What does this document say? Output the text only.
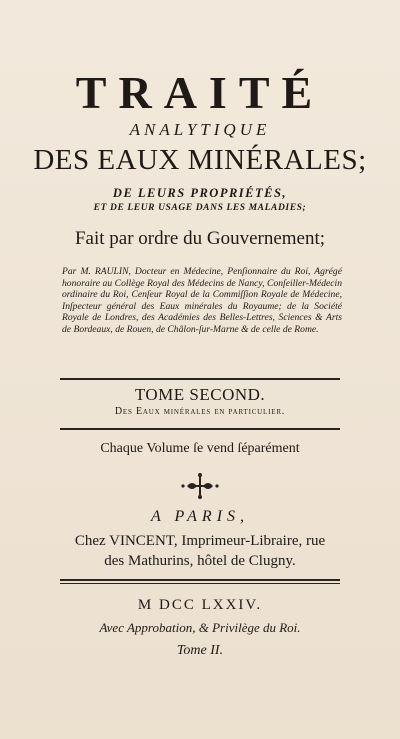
TRAITÉ
ANALYTIQUE
DES EAUX MINÉRALES;
DE LEURS PROPRIÉTÉS,
ET DE LEUR USAGE DANS LES MALADIES;
Fait par ordre du Gouvernement;
Par M. RAULIN, Docteur en Médecine, Penſionnaire du Roi, Agrégé honoraire au Collège Royal des Médecins de Nancy, Conſeiller-Médecin ordinaire du Roi, Cenſeur Royal de la Commiſſion Royale de Médecine, Inſpecteur général des Eaux minérales du Royaume; de la Société Royale de Londres, des Académies des Belles-Lettres, Sciences & Arts de Bordeaux, de Rouen, de Châlon-ſur-Marne & de celle de Rome.
TOME SECOND.
Des Eaux minérales en particulier.
Chaque Volume ſe vend ſéparément
A PARIS,
Chez VINCENT, Imprimeur-Libraire, rue
des Mathurins, hôtel de Clugny.
M DCC LXXIV.
Avec Approbation, & Privilège du Roi.
Tome II.
